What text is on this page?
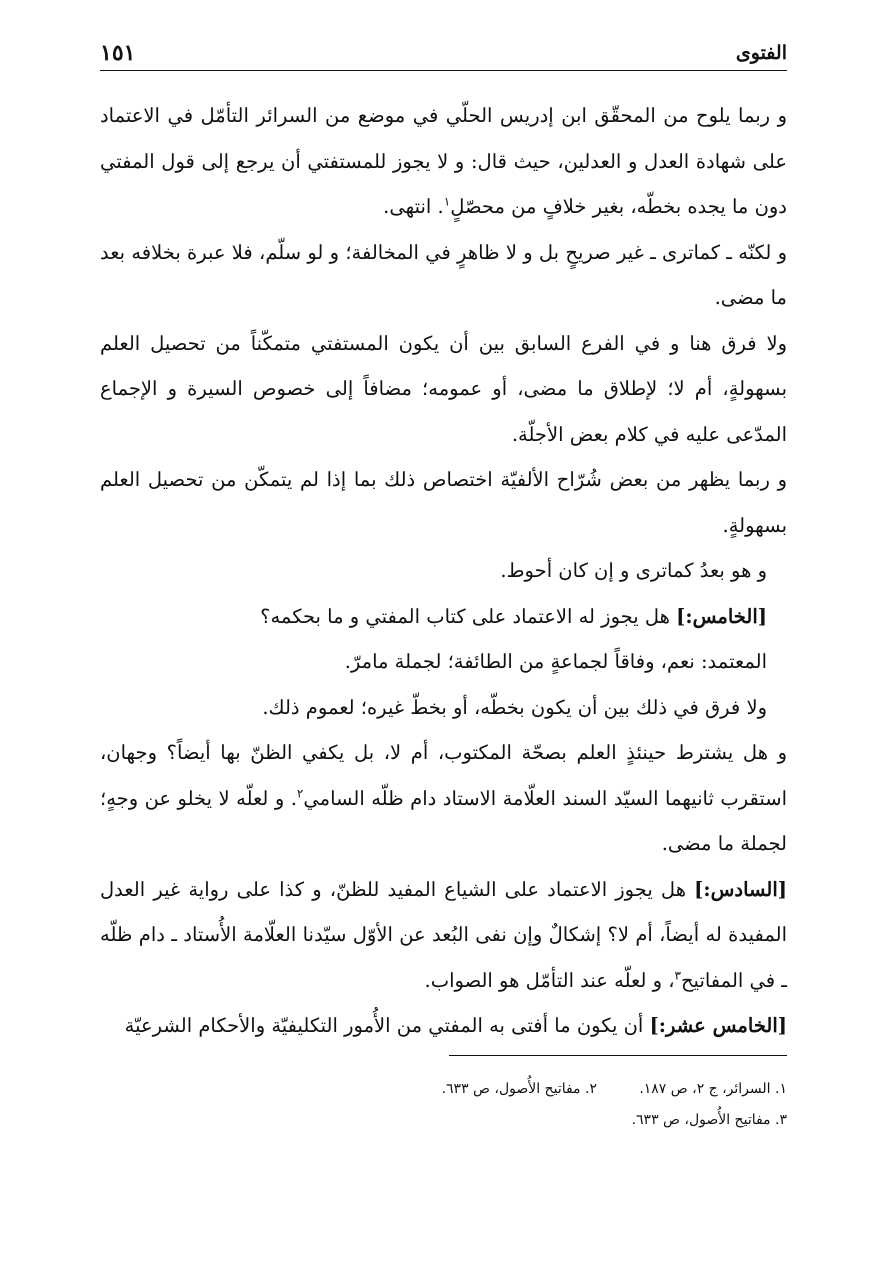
الفتوى
١٥١

و ربما يلوح من المحقّق ابن إدريس الحلّي في موضع من السرائر التأمّل في الاعتماد على شهادة العدل و العدلين، حيث قال: و لا يجوز للمستفتي أن يرجع إلى قول المفتي دون ما يجده بخطّه، بغير خلافٍ من محصّلٍ$^١$. انتهى.

و لكنّه ـ كماترى ـ غير صريحٍ بل و لا ظاهرٍ في المخالفة؛ و لو سلّم، فلا عبرة بخلافه بعد ما مضى.

ولا فرق هنا و في الفرع السابق بين أن يكون المستفتي متمكّناً من تحصيل العلم بسهولةٍ، أم لا؛ لإطلاق ما مضى، أو عمومه؛ مضافاً إلى خصوص السيرة و الإجماع المدّعى عليه في كلام بعض الأجلّة.

و ربما يظهر من بعض شُرّاح الألفيّة اختصاص ذلك بما إذا لم يتمكّن من تحصيل العلم بسهولةٍ.

و هو بعدُ كماترى و إن كان أحوط.

[الخامس:] هل يجوز له الاعتماد على كتاب المفتي و ما بحكمه؟

المعتمد: نعم، وفاقاً لجماعةٍ من الطائفة؛ لجملة مامرّ.

ولا فرق في ذلك بين أن يكون بخطّه، أو بخطّ غيره؛ لعموم ذلك.

و هل يشترط حينئذٍ العلم بصحّة المكتوب، أم لا، بل يكفي الظنّ بها أيضاً؟ وجهان، استقرب ثانيهما السيّد السند العلّامة الاستاد دام ظلّه السامي$^٢$. و لعلّه لا يخلو عن وجهٍ؛ لجملة ما مضى.

[السادس:] هل يجوز الاعتماد على الشياع المفيد للظنّ، و كذا على رواية غير العدل المفيدة له أيضاً، أم لا؟ إشكالٌ وإن نفى البُعد عن الأوّل سيّدنا العلّامة الأُستاد ـ دام ظلّه ـ في المفاتيح$^٣$، و لعلّه عند التأمّل هو الصواب.

[الخامس عشر:] أن يكون ما أفتى به المفتي من الأُمور التكليفيّة والأحكام الشرعيّة

١. السرائر، ج ٢، ص ١٨٧.
٢. مفاتيح الأُصول، ص ٦٣٣.
٣. مفاتيح الأُصول، ص ٦٣٣.
